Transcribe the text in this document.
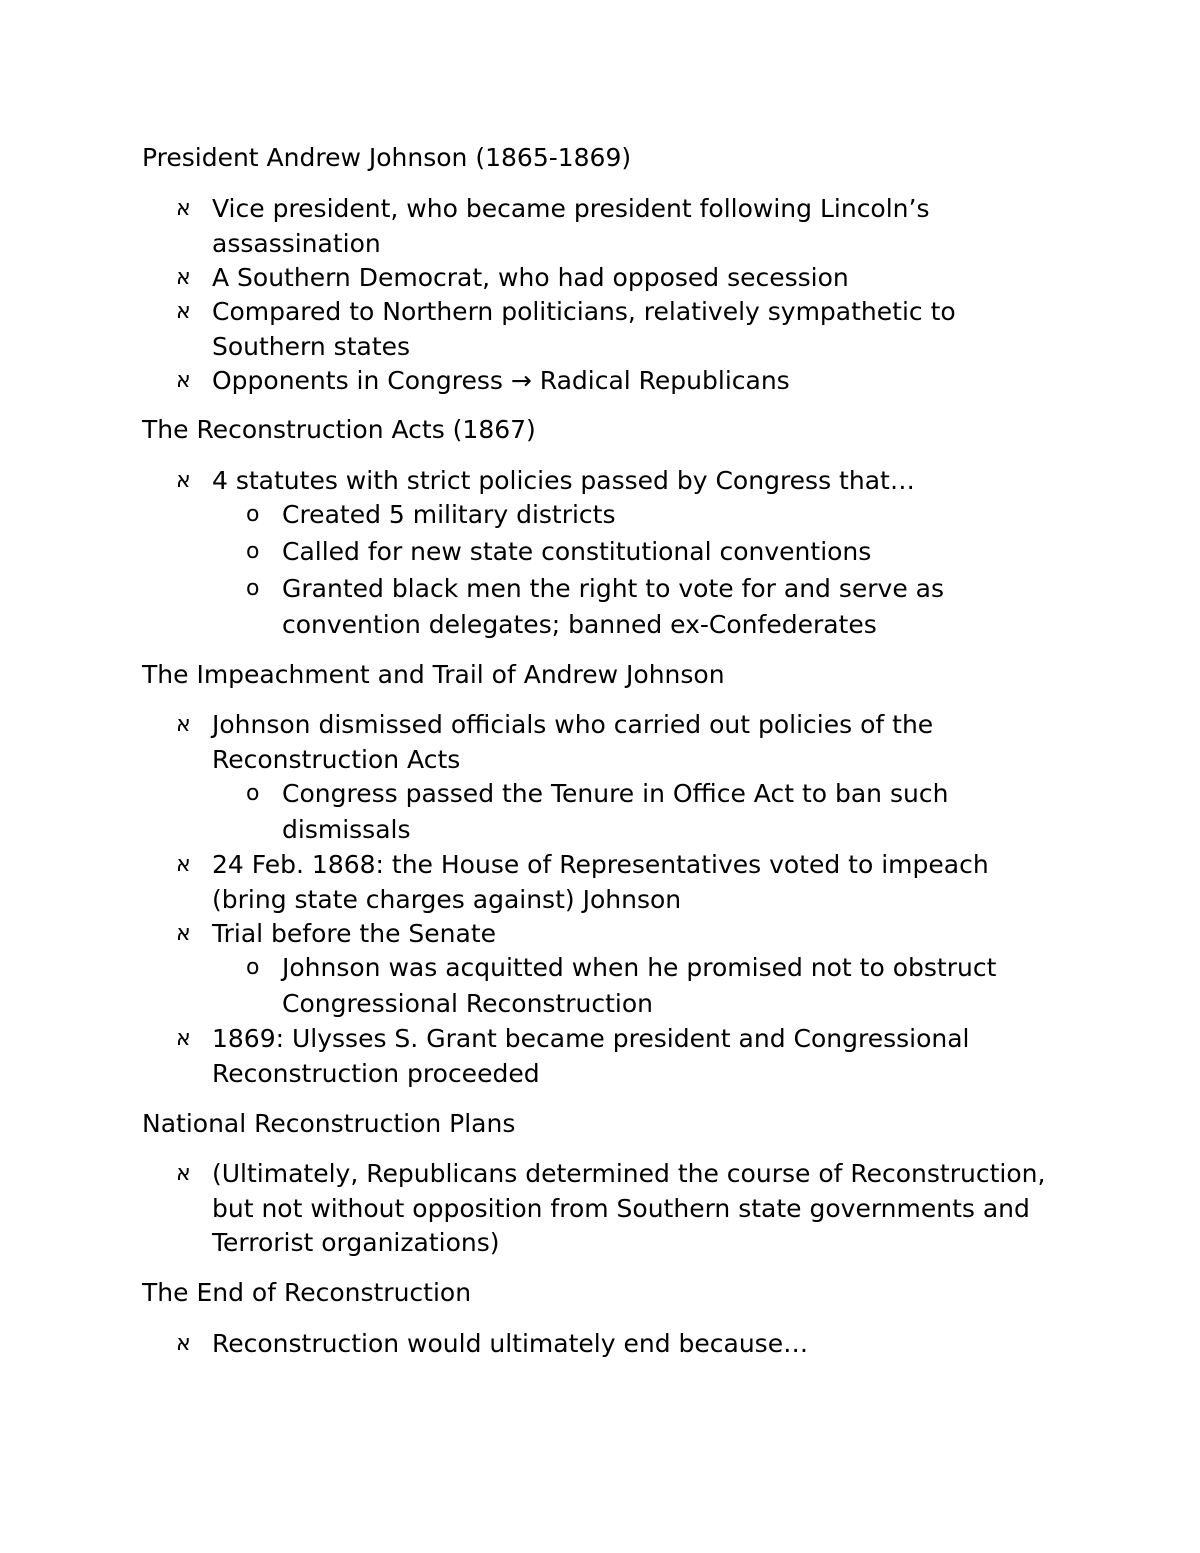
President Andrew Johnson (1865-1869)
א Vice president, who became president following Lincoln’s assassination
א A Southern Democrat, who had opposed secession
א Compared to Northern politicians, relatively sympathetic to Southern states
א Opponents in Congress → Radical Republicans
The Reconstruction Acts (1867)
א 4 statutes with strict policies passed by Congress that…
o Created 5 military districts
o Called for new state constitutional conventions
o Granted black men the right to vote for and serve as convention delegates; banned ex-Confederates
The Impeachment and Trail of Andrew Johnson
א Johnson dismissed officials who carried out policies of the Reconstruction Acts
o Congress passed the Tenure in Office Act to ban such dismissals
א 24 Feb. 1868: the House of Representatives voted to impeach (bring state charges against) Johnson
א Trial before the Senate
o Johnson was acquitted when he promised not to obstruct Congressional Reconstruction
א 1869: Ulysses S. Grant became president and Congressional Reconstruction proceeded
National Reconstruction Plans
א (Ultimately, Republicans determined the course of Reconstruction, but not without opposition from Southern state governments and Terrorist organizations)
The End of Reconstruction
א Reconstruction would ultimately end because…
